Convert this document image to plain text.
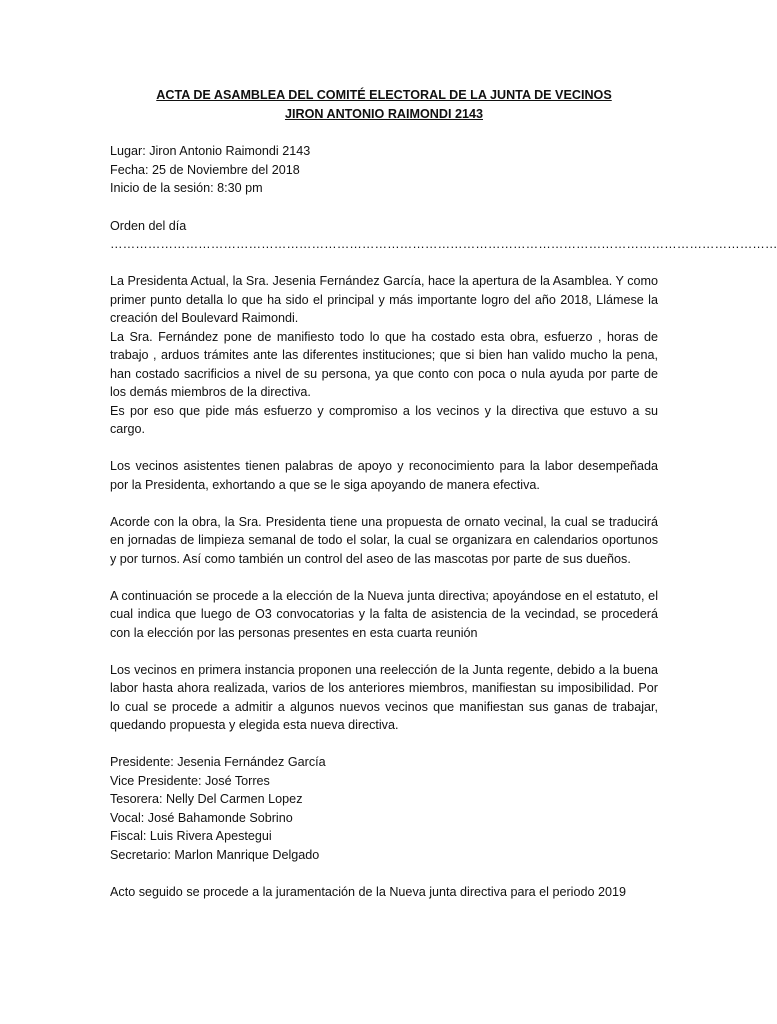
ACTA DE ASAMBLEA DEL COMITÉ ELECTORAL DE LA JUNTA DE VECINOS

JIRON ANTONIO RAIMONDI 2143

Lugar: Jiron Antonio Raimondi 2143
Fecha: 25 de Noviembre del 2018
Inicio de la sesión: 8:30 pm
Orden del día
……………………………………………………………………………………………………………………………………………

La Presidenta Actual, la Sra. Jesenia Fernández García, hace la apertura de la Asamblea. Y como primer punto detalla lo que ha sido el principal y más importante logro del año 2018, Llámese la creación del Boulevard Raimondi.

La Sra. Fernández pone de manifiesto todo lo que ha costado esta obra, esfuerzo , horas de trabajo , arduos trámites ante las diferentes instituciones; que si bien han valido mucho la pena, han costado sacrificios a nivel de su persona, ya que conto con poca o nula ayuda por parte de los demás miembros de la directiva.

Es por eso que pide más esfuerzo y compromiso a los vecinos y la directiva que estuvo a su cargo.

Los vecinos asistentes tienen palabras de apoyo y reconocimiento para la labor desempeñada por la Presidenta, exhortando a que se le siga apoyando de manera efectiva.

Acorde con la obra, la Sra. Presidenta tiene una propuesta de ornato vecinal, la cual se traducirá en jornadas de limpieza semanal de todo el solar, la cual se organizara en calendarios oportunos y por turnos. Así como también un control del aseo de las mascotas por parte de sus dueños.

A continuación se procede a la elección de la Nueva junta directiva; apoyándose en el estatuto, el cual indica que luego de O3 convocatorias y la falta de asistencia de la vecindad, se procederá con la elección por las personas presentes en esta cuarta reunión

Los vecinos en primera instancia proponen una reelección de la Junta regente, debido a la buena labor hasta ahora realizada, varios de los anteriores miembros, manifiestan su imposibilidad. Por lo cual se procede a admitir a algunos nuevos vecinos que manifiestan sus ganas de trabajar, quedando propuesta y elegida esta nueva directiva.

Presidente: Jesenia Fernández García
Vice Presidente: José Torres
Tesorera: Nelly Del Carmen Lopez
Vocal: José Bahamonde Sobrino
Fiscal: Luis Rivera Apestegui
Secretario: Marlon Manrique Delgado

Acto seguido se procede a la juramentación de la Nueva junta directiva para el periodo 2019
